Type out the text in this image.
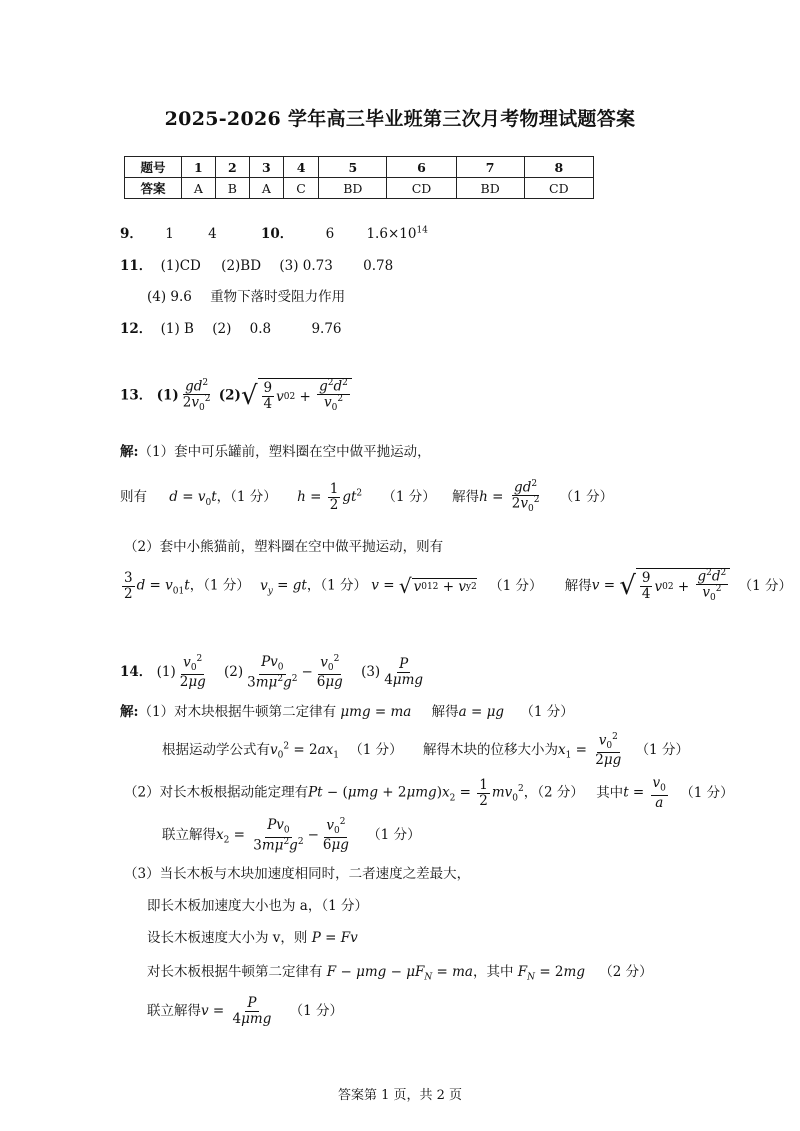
2025-2026 学年高三毕业班第三次月考物理试题答案
题号	1	2	3	4	5	6	7	8
答案	A	B	A	C	BD	CD	BD	CD
9． 1	4	10． 6 $1.6\times 10^{14}$
11． (1)CD (2)BD (3) 0.73 0.78
(4) 9.6 重物下落时受阻力作用
12． (1) B (2) 0.8	9.76
13． $(1) \frac{gd^2}{2v_0^2} (2)$ √ $\frac{9}{4}$ v 0 $2 + \frac{g^2d^2}{v_0^2}$
解:（1）套中可乐罐前，塑料圈在空中做平抛运动，
则有 $d = v_0t$，（1 分） $h = \frac{1}{2} gt^2$ （1 分） 解得$h = \frac{gd^2}{2v_0^2} (1$ 分）
（2）套中小熊猫前，塑料圈在空中做平抛运动，则有
$\frac{3}{2}$ $d = v_{01}t$，（1 分） $v_y$ = gt，（1 分） v = √ v 01 2 + v y 2 （1 分） 解得v = √ $\frac{9}{4}$ v 0 $2 + \frac{g^2d^2}{v_0^2} (1$ 分）
14． $(1) \frac{v_0^2}{2\mu g} (2) \frac{Pv_0}{3m\mu^2g^2} - \frac{v_0^2}{6\mu g} (3) \frac{P}{\text{4μmg}}$
解:（1）对木块根据牛顿第二定律有 μmg = ma 解得a = μg （1 分）
根据运动学公式有$v_0^2 = 2ax_1$ （1 分） 解得木块的位移大小为$x_1 = \frac{v_0^2}{2\mu g} (1$ 分）
（2）对长木板根据动能定理有$Pt - (\mu mg + 2\mu mg)x_2 = \frac{1}{2} mv_0^2$，（2 分） 其中$t = \frac{v_0}{a} (1$ 分）
联立解得$x_2 = \frac{Pv_0}{3m\mu^2g^2} - \frac{v_0^2}{6\mu g} (1$ 分）
（3）当长木板与木块加速度相同时，二者速度之差最大，
即长木板加速度大小也为 a，（1 分）
设长木板速度大小为 v，则 P = Fv
对长木板根据牛顿第二定律有 $F - \mu mg - \mu F_N$ = ma，其中 $F_N = 2mg$ （2 分）
联立解得$v = \frac{P}{\text{4μmg}} (1$ 分）
答案第 1 页，共 2 页
